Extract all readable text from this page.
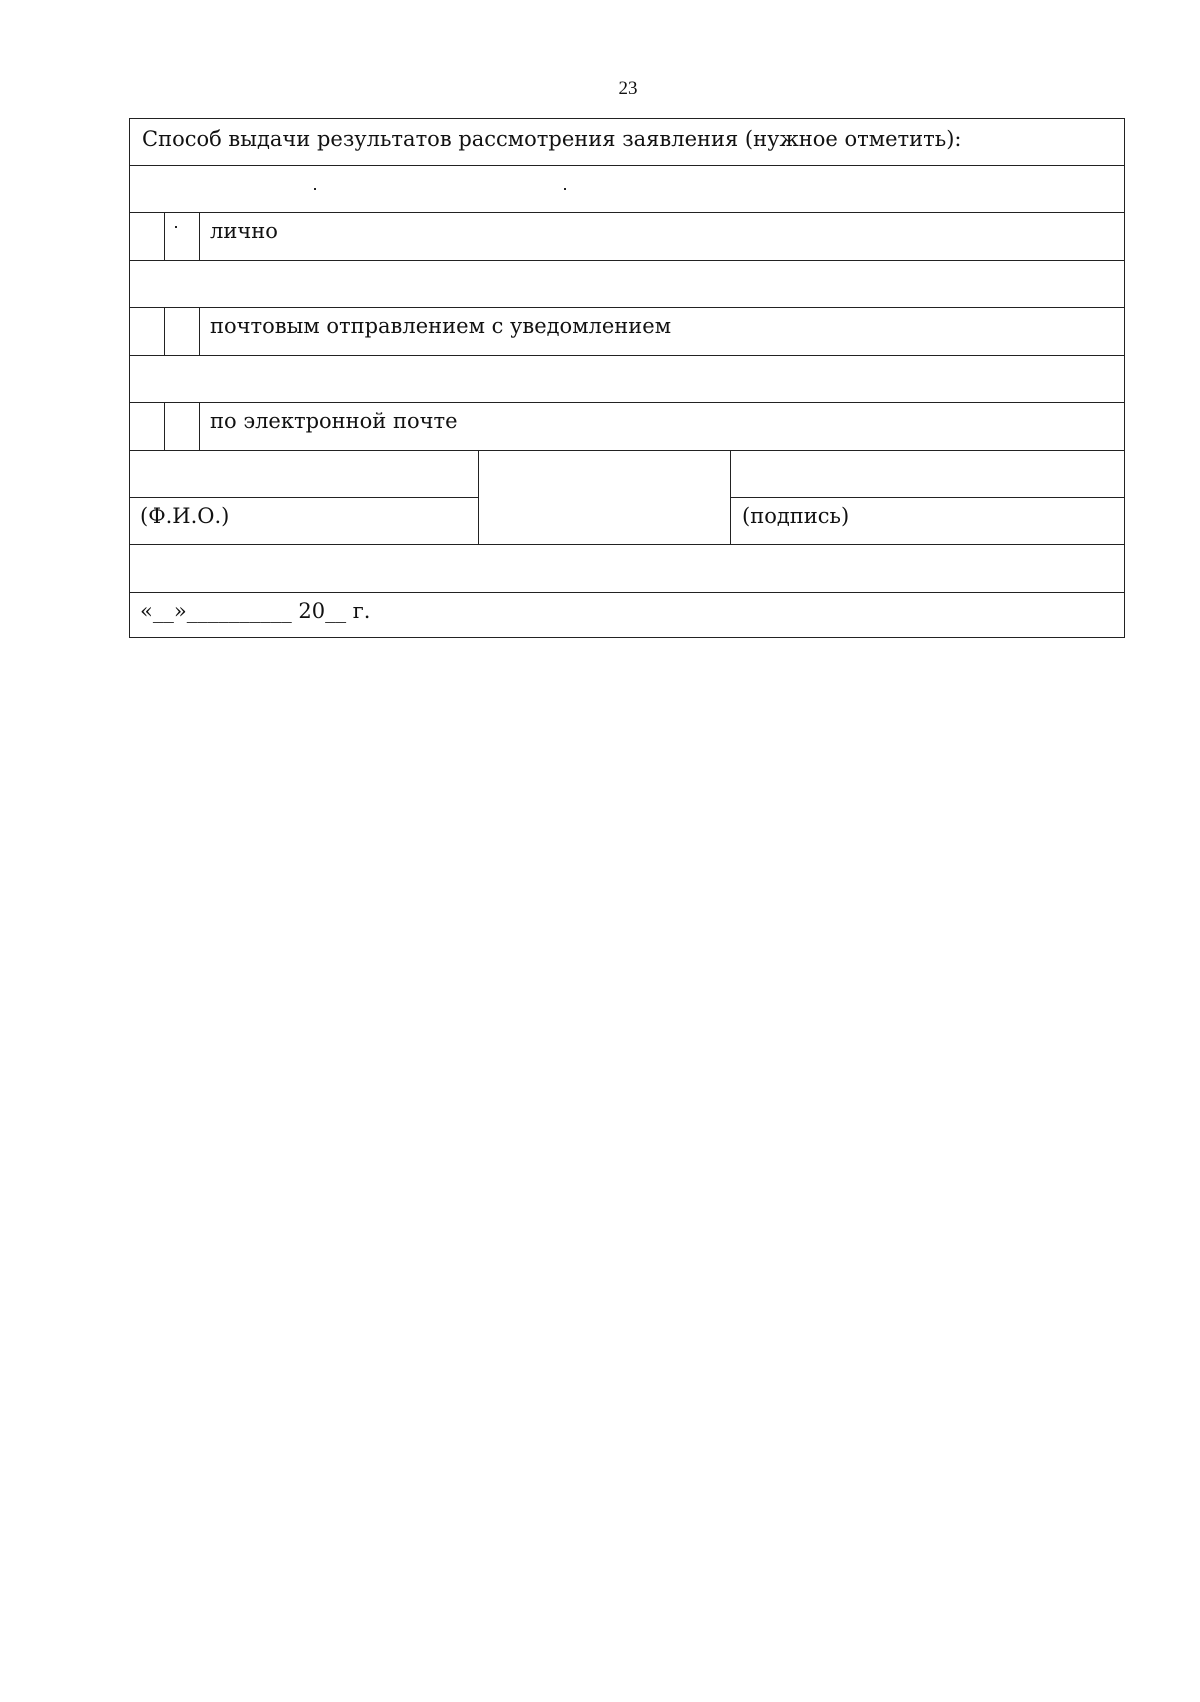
23
Способ выдачи результатов рассмотрения заявления (нужное отметить):
лично
почтовым отправлением с уведомлением
по электронной почте
(Ф.И.О.)	(подпись)
«__»__________ 20__ г.
